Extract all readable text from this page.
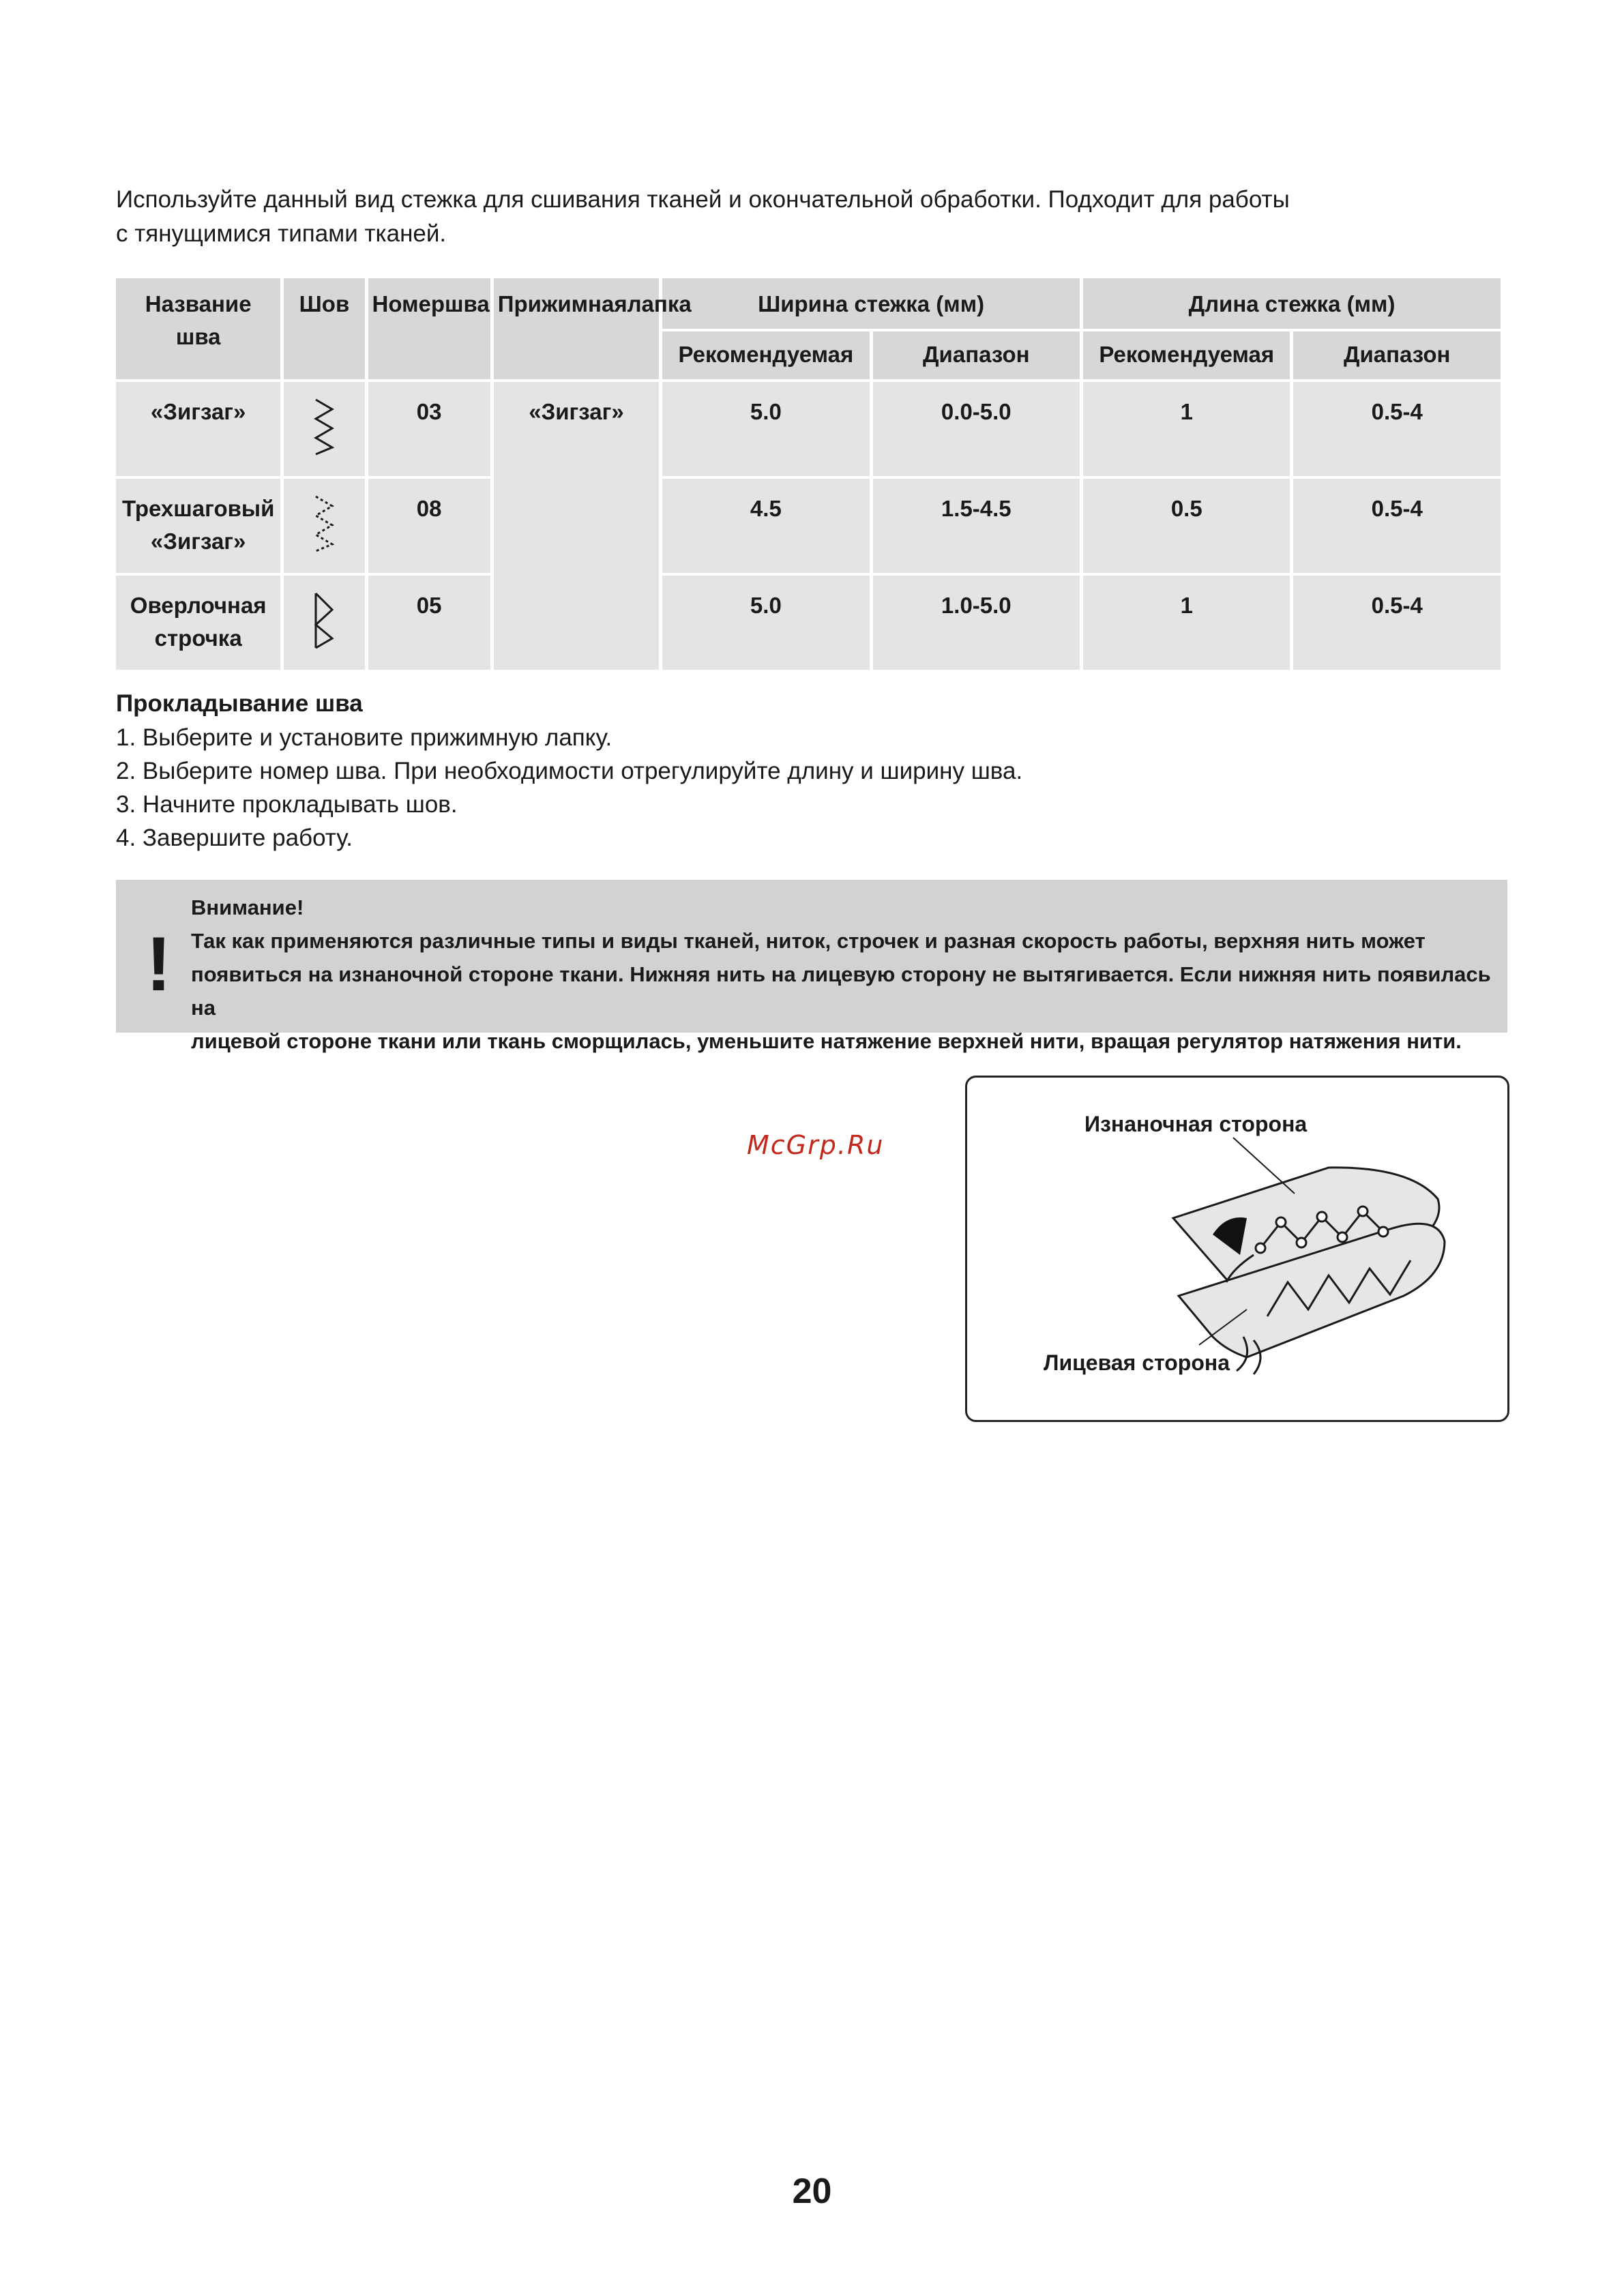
Используйте данный вид стежка для сшивания тканей и окончательной обработки. Подходит для работы
с тянущимися типами тканей.

Название шва	Шов	Номершва	Прижимнаялапка	Ширина стежка (мм)		Длина стежка (мм)	
				Рекомендуемая	Диапазон	Рекомендуемая	Диапазон

«Зигзаг»		03	«Зигзаг»	5.0	0.0-5.0	1	0.5-4

Трехшаговый
«Зигзаг»		08		4.5	1.5-4.5	0.5	0.5-4

Оверлочная
строчка		05		5.0	1.0-5.0	1	0.5-4
Прокладывание шва
1. Выберите и установите прижимную лапку.
2. Выберите номер шва. При необходимости отрегулируйте длину и ширину шва.
3. Начните прокладывать шов.
4. Завершите работу.
!
Внимание!
Так как применяются различные типы и виды тканей, ниток, строчек и разная скорость работы, верхняя нить может
появиться на изнаночной стороне ткани. Нижняя нить на лицевую сторону не вытягивается. Если нижняя нить появилась на
лицевой стороне ткани или ткань сморщилась, уменьшите натяжение верхней нити, вращая регулятор натяжения нити.
McGrp.Ru
Изнаночная сторона
Лицевая сторона

20
